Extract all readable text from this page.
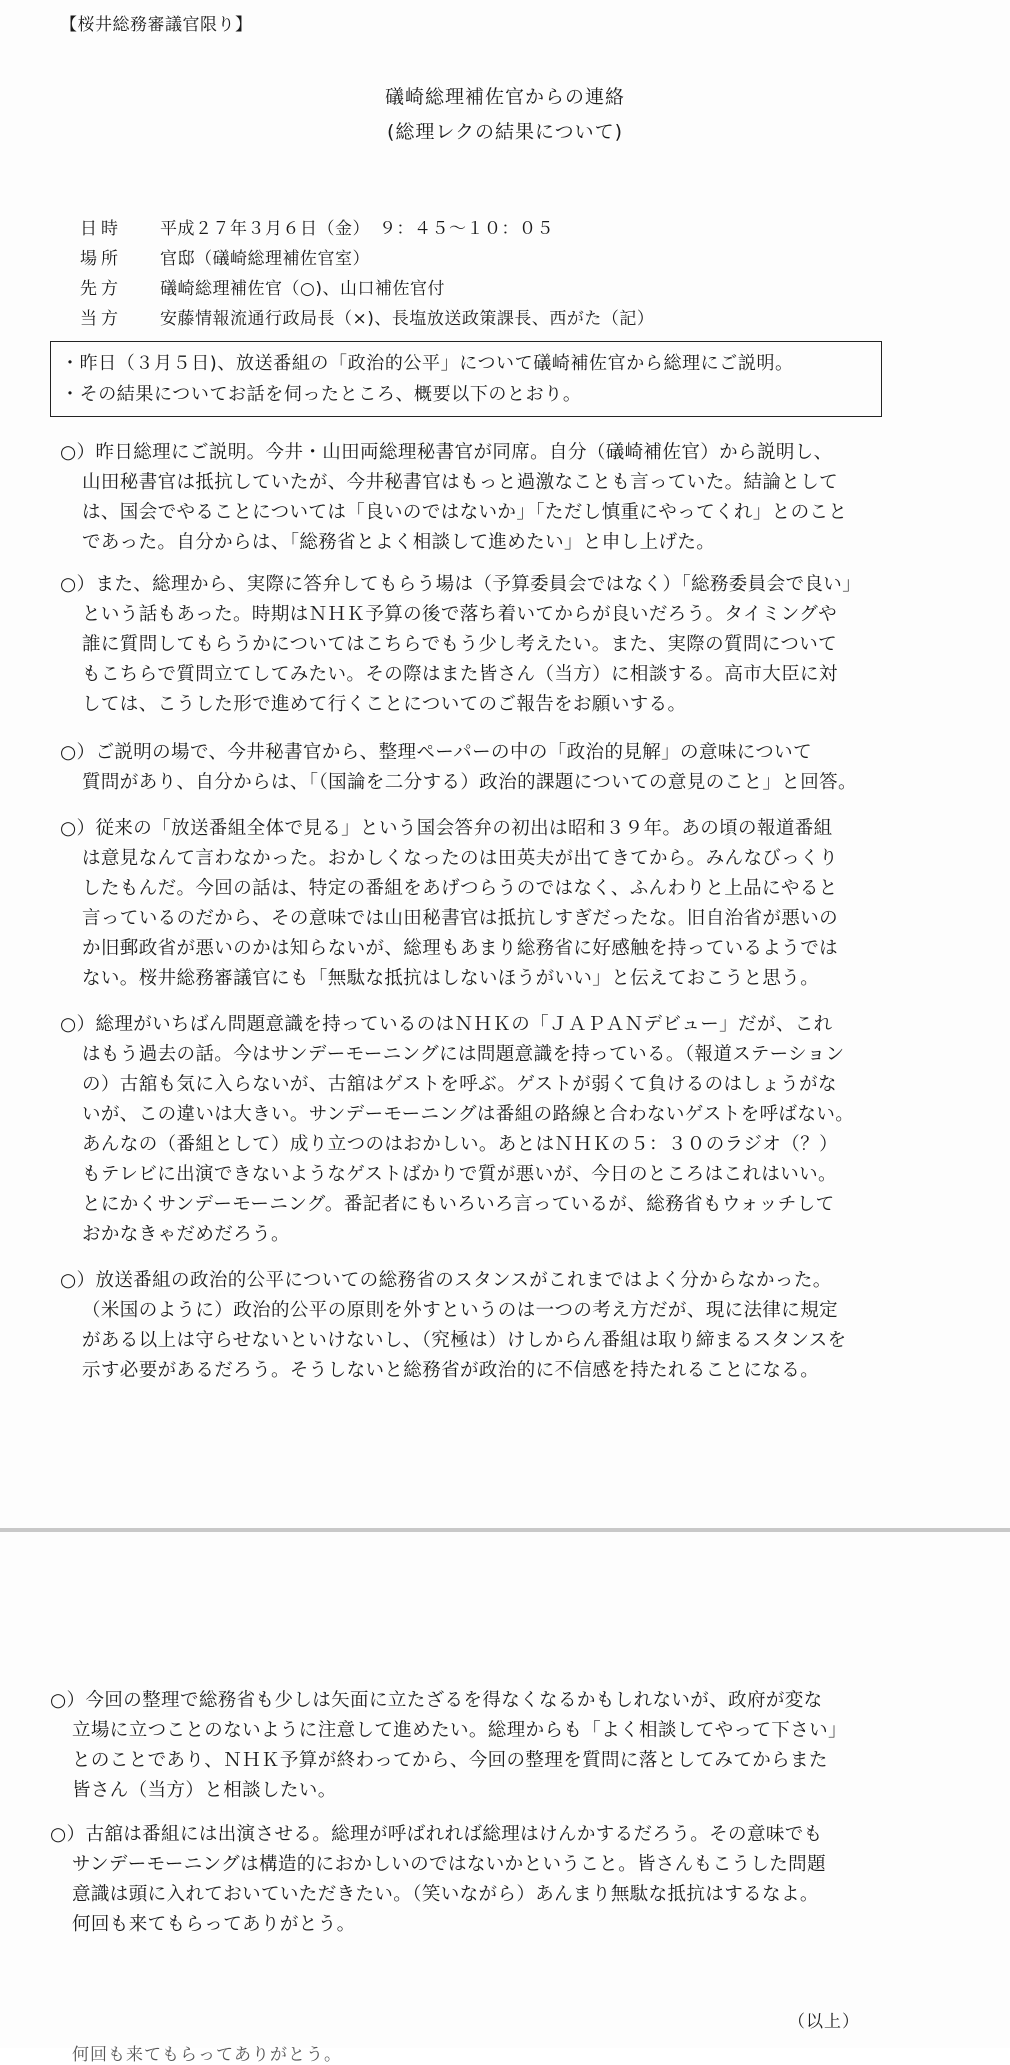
【桜井総務審議官限り】
礒崎総理補佐官からの連絡
(総理レクの結果について)
日時	平成２７年３月６日（金）　９：４５〜１０：０５
場所	官邸（礒崎総理補佐官室）
先方	礒崎総理補佐官（○)、山口補佐官付
当方	安藤情報流通行政局長（×)、長塩放送政策課長、西がた（記）
・昨日（３月５日)、放送番組の「政治的公平」について礒崎補佐官から総理にご説明。
・その結果についてお話を伺ったところ、概要以下のとおり。
○）昨日総理にご説明。今井・山田両総理秘書官が同席。自分（礒崎補佐官）から説明し、
山田秘書官は抵抗していたが、今井秘書官はもっと過激なことも言っていた。結論として
は、国会でやることについては「良いのではないか」「ただし慎重にやってくれ」とのこと
であった。自分からは、「総務省とよく相談して進めたい」と申し上げた。
○）また、総理から、実際に答弁してもらう場は（予算委員会ではなく）「総務委員会で良い」
という話もあった。時期はＮＨＫ予算の後で落ち着いてからが良いだろう。タイミングや
誰に質問してもらうかについてはこちらでもう少し考えたい。また、実際の質問について
もこちらで質問立てしてみたい。その際はまた皆さん（当方）に相談する。高市大臣に対
しては、こうした形で進めて行くことについてのご報告をお願いする。
○）ご説明の場で、今井秘書官から、整理ペーパーの中の「政治的見解」の意味について
質問があり、自分からは、「（国論を二分する）政治的課題についての意見のこと」と回答。
○）従来の「放送番組全体で見る」という国会答弁の初出は昭和３９年。あの頃の報道番組
は意見なんて言わなかった。おかしくなったのは田英夫が出てきてから。みんなびっくり
したもんだ。今回の話は、特定の番組をあげつらうのではなく、ふんわりと上品にやると
言っているのだから、その意味では山田秘書官は抵抗しすぎだったな。旧自治省が悪いの
か旧郵政省が悪いのかは知らないが、総理もあまり総務省に好感触を持っているようでは
ない。桜井総務審議官にも「無駄な抵抗はしないほうがいい」と伝えておこうと思う。
○）総理がいちばん問題意識を持っているのはＮＨＫの「ＪＡＰＡＮデビュー」だが、これ
はもう過去の話。今はサンデーモーニングには問題意識を持っている。（報道ステーション
の）古舘も気に入らないが、古舘はゲストを呼ぶ。ゲストが弱くて負けるのはしょうがな
いが、この違いは大きい。サンデーモーニングは番組の路線と合わないゲストを呼ばない。
あんなの（番組として）成り立つのはおかしい。あとはＮＨＫの５：３０のラジオ（？）
もテレビに出演できないようなゲストばかりで質が悪いが、今日のところはこれはいい。
とにかくサンデーモーニング。番記者にもいろいろ言っているが、総務省もウォッチして
おかなきゃだめだろう。
○）放送番組の政治的公平についての総務省のスタンスがこれまではよく分からなかった。
（米国のように）政治的公平の原則を外すというのは一つの考え方だが、現に法律に規定
がある以上は守らせないといけないし、（究極は）けしからん番組は取り締まるスタンスを
示す必要があるだろう。そうしないと総務省が政治的に不信感を持たれることになる。
○）今回の整理で総務省も少しは矢面に立たざるを得なくなるかもしれないが、政府が変な
立場に立つことのないように注意して進めたい。総理からも「よく相談してやって下さい」
とのことであり、ＮＨＫ予算が終わってから、今回の整理を質問に落としてみてからまた
皆さん（当方）と相談したい。
○）古舘は番組には出演させる。総理が呼ばれれば総理はけんかするだろう。その意味でも
サンデーモーニングは構造的におかしいのではないかということ。皆さんもこうした問題
意識は頭に入れておいていただきたい。（笑いながら）あんまり無駄な抵抗はするなよ。
何回も来てもらってありがとう。
（以上）
何回も来てもらってありがとう。
